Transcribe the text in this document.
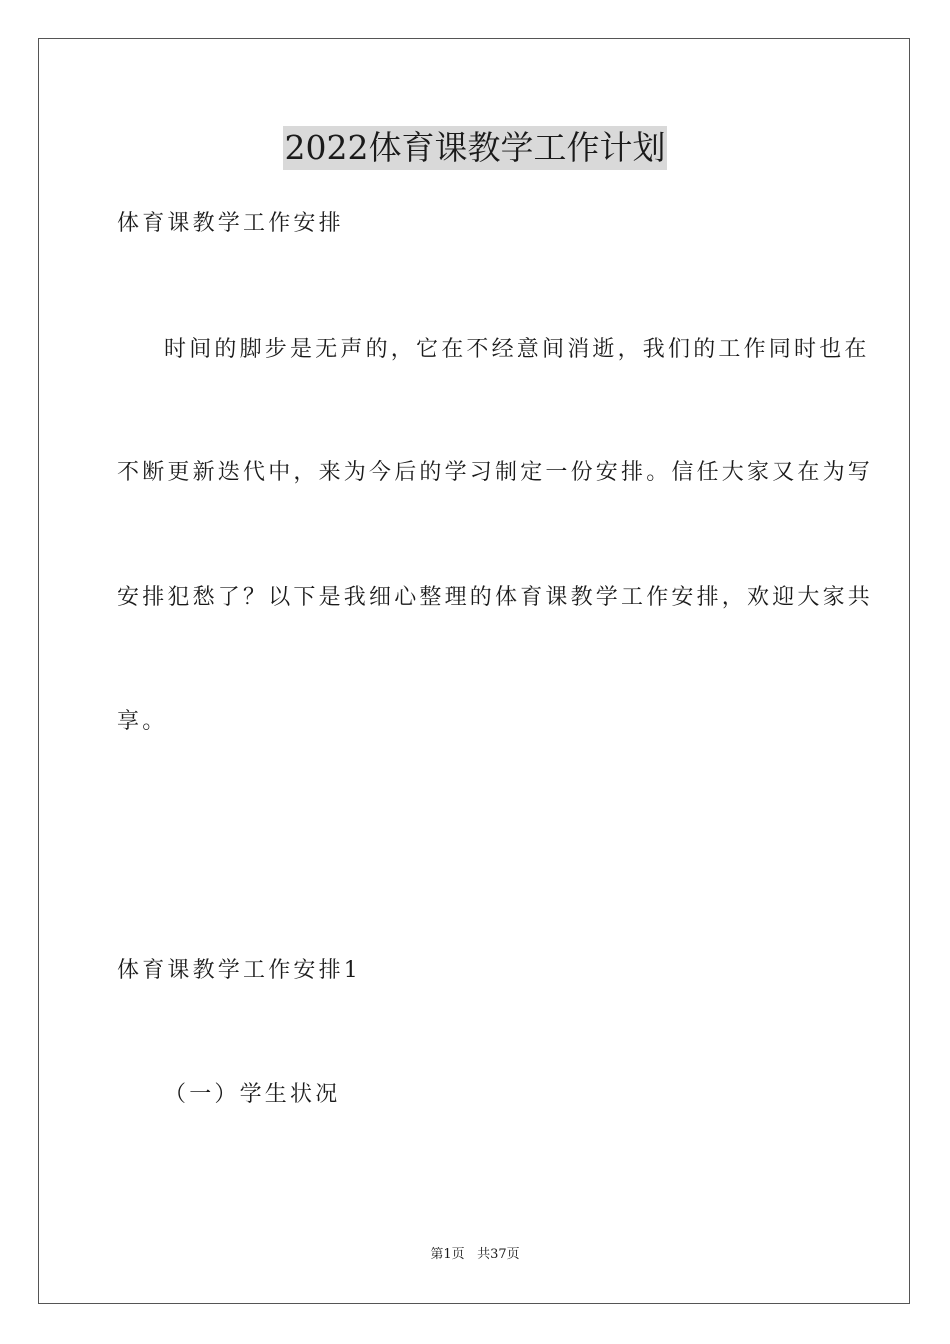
2022体育课教学工作计划
体育课教学工作安排
时间的脚步是无声的，它在不经意间消逝，我们的工作同时也在
不断更新迭代中，来为今后的学习制定一份安排。信任大家又在为写
安排犯愁了？以下是我细心整理的体育课教学工作安排，欢迎大家共
享。
体育课教学工作安排1
（一）学生状况
第1页 共37页
